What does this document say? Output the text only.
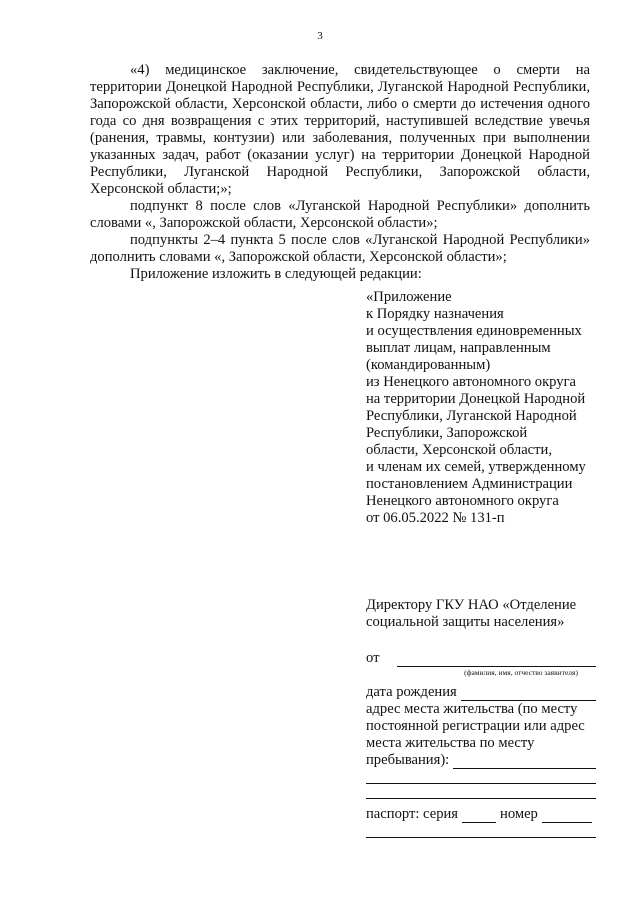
3

«4) медицинское заключение, свидетельствующее о смерти на территории Донецкой Народной Республики, Луганской Народной Республики, Запорожской области, Херсонской области, либо о смерти до истечения одного года со дня возвращения с этих территорий, наступившей вследствие увечья (ранения, травмы, контузии) или заболевания, полученных при выполнении указанных задач, работ (оказании услуг) на территории Донецкой Народной Республики, Луганской Народной Республики, Запорожской области, Херсонской области;»;

подпункт 8 после слов «Луганской Народной Республики» дополнить словами «, Запорожской области, Херсонской области»;

подпункты 2–4 пункта 5 после слов «Луганской Народной Республики» дополнить словами «, Запорожской области, Херсонской области»;

Приложение изложить в следующей редакции:

«Приложение
к Порядку назначения
и осуществления единовременных
выплат лицам, направленным
(командированным)
из Ненецкого автономного округа
на территории Донецкой Народной
Республики, Луганской Народной
Республики, Запорожской
области, Херсонской области,
и членам их семей, утвержденному
постановлением Администрации
Ненецкого автономного округа
от 06.05.2022 № 131-п
Директору ГКУ НАО «Отделение
социальной защиты населения»
от
(фамилия, имя, отчество заявителя)
дата рождения
адрес места жительства (по месту
постоянной регистрации или адрес
места жительства по месту
пребывания):
паспорт: серия	номер
